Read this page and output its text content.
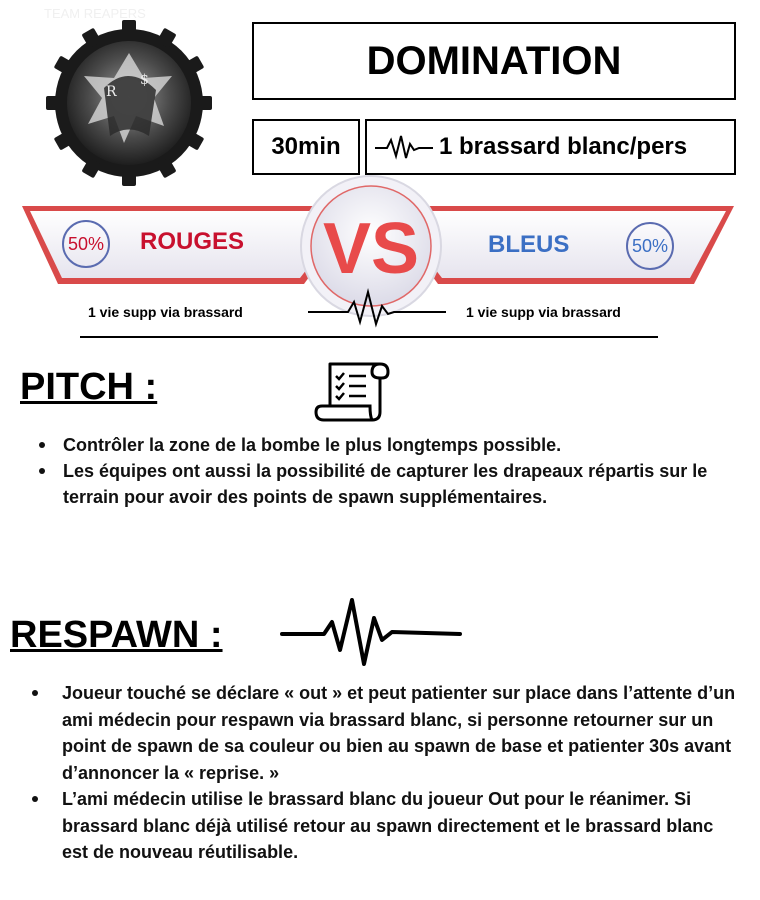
R
$
TEAM REAPERS
DOMINATION
30min	1 brassard blanc/pers
VS
50% ROUGES	BLEUS	50%
1 vie supp via brassard	1 vie supp via brassard
PITCH :
Contrôler la zone de la bombe le plus longtemps possible.
Les équipes ont aussi la possibilité de capturer les drapeaux répartis sur le terrain pour avoir des points de spawn supplémentaires.
RESPAWN :
Joueur touché se déclare « out » et peut patienter sur place dans l’attente d’un ami médecin pour respawn via brassard blanc, si personne retourner sur un point de spawn de sa couleur ou bien au spawn de base et patienter 30s avant d’annoncer la « reprise. »
L’ami médecin utilise le brassard blanc du joueur Out pour le réanimer. Si brassard blanc déjà utilisé retour au spawn directement et le brassard blanc est de nouveau réutilisable.
